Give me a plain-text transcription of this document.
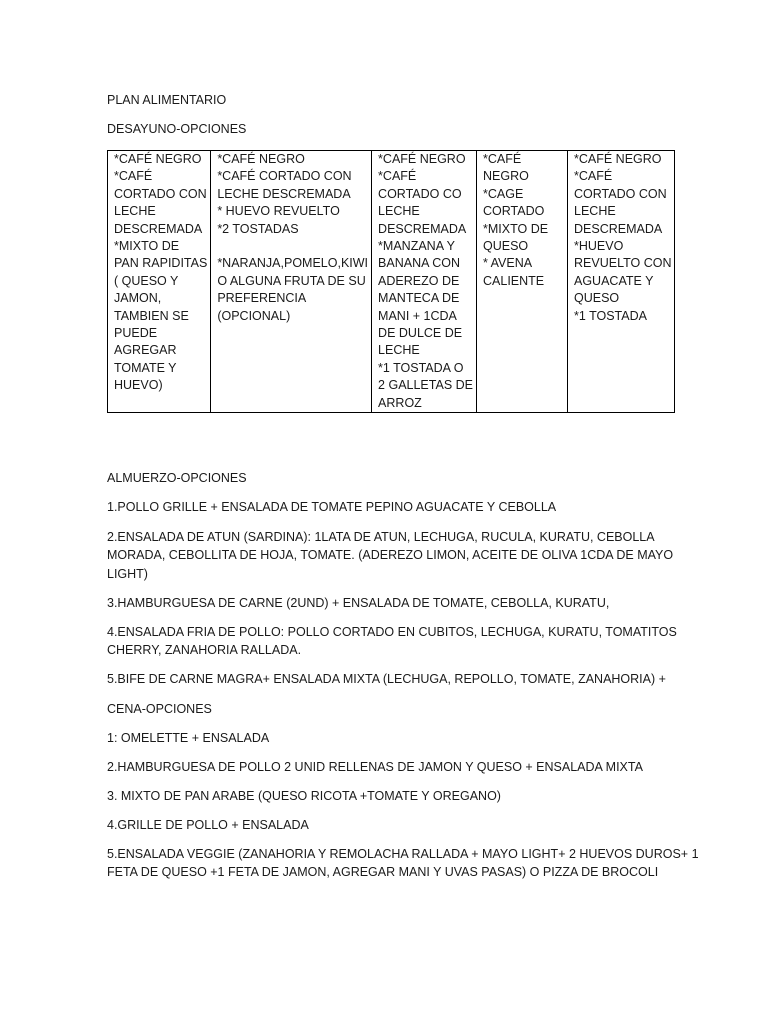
PLAN ALIMENTARIO
DESAYUNO-OPCIONES
*CAFÉ NEGRO
*CAFÉ
CORTADO CON
LECHE
DESCREMADA
*MIXTO DE
PAN RAPIDITAS
( QUESO Y
JAMON,
TAMBIEN SE
PUEDE
AGREGAR
TOMATE Y
HUEVO)

*CAFÉ NEGRO
*CAFÉ CORTADO CON
LECHE DESCREMADA
* HUEVO REVUELTO
*2 TOSTADAS
*NARANJA,POMELO,KIWI
O ALGUNA FRUTA DE SU
PREFERENCIA
(OPCIONAL)

*CAFÉ NEGRO
*CAFÉ
CORTADO CO
LECHE
DESCREMADA
*MANZANA Y
BANANA CON
ADEREZO DE
MANTECA DE
MANI + 1CDA
DE DULCE DE
LECHE
*1 TOSTADA O
2 GALLETAS DE
ARROZ

*CAFÉ
NEGRO
*CAGE
CORTADO
*MIXTO DE
QUESO
* AVENA
CALIENTE

*CAFÉ NEGRO
*CAFÉ
CORTADO CON
LECHE
DESCREMADA
*HUEVO
REVUELTO CON
AGUACATE Y
QUESO
*1 TOSTADA
ALMUERZO-OPCIONES
1.POLLO GRILLE + ENSALADA DE TOMATE PEPINO AGUACATE Y CEBOLLA
2.ENSALADA DE ATUN (SARDINA): 1LATA DE ATUN, LECHUGA, RUCULA, KURATU, CEBOLLA
MORADA, CEBOLLITA DE HOJA, TOMATE. (ADEREZO LIMON, ACEITE DE OLIVA 1CDA DE MAYO
LIGHT)
3.HAMBURGUESA DE CARNE (2UND) + ENSALADA DE TOMATE, CEBOLLA, KURATU,
4.ENSALADA FRIA DE POLLO: POLLO CORTADO EN CUBITOS, LECHUGA, KURATU, TOMATITOS
CHERRY, ZANAHORIA RALLADA.
5.BIFE DE CARNE MAGRA+ ENSALADA MIXTA (LECHUGA, REPOLLO, TOMATE, ZANAHORIA) +
CENA-OPCIONES
1: OMELETTE + ENSALADA
2.HAMBURGUESA DE POLLO 2 UNID RELLENAS DE JAMON Y QUESO + ENSALADA MIXTA
3. MIXTO DE PAN ARABE (QUESO RICOTA +TOMATE Y OREGANO)
4.GRILLE DE POLLO + ENSALADA
5.ENSALADA VEGGIE (ZANAHORIA Y REMOLACHA RALLADA + MAYO LIGHT+ 2 HUEVOS DUROS+ 1
FETA DE QUESO +1 FETA DE JAMON, AGREGAR MANI Y UVAS PASAS) O PIZZA DE BROCOLI
